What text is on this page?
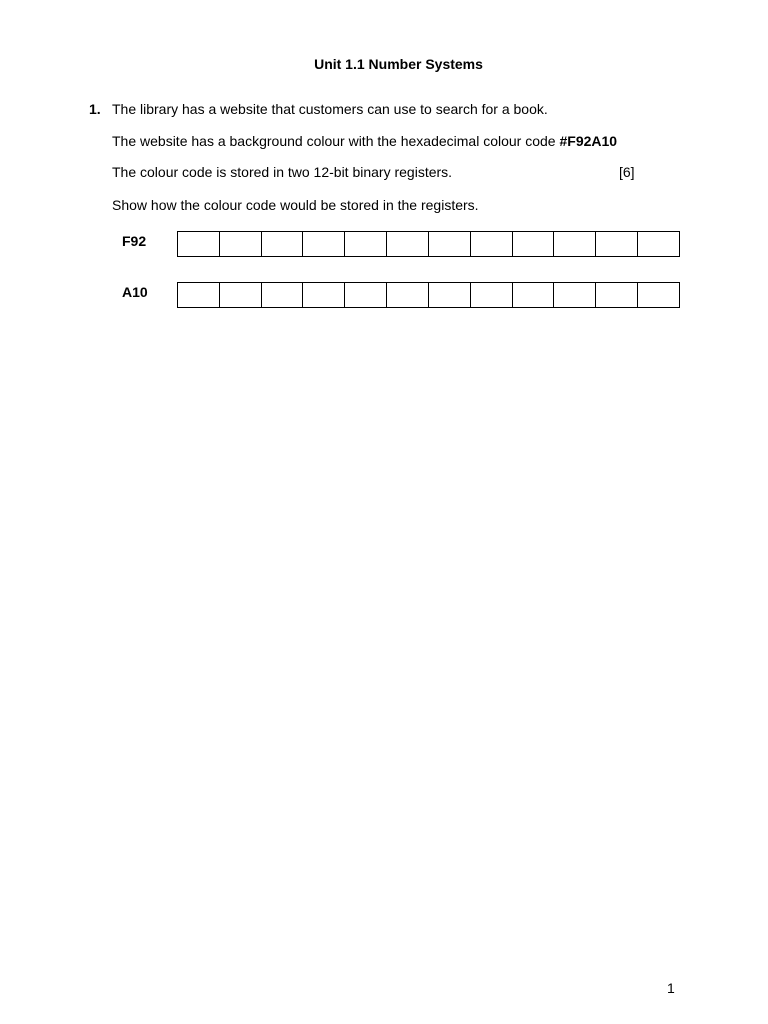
Unit 1.1 Number Systems
1. The library has a website that customers can use to search for a book.
The website has a background colour with the hexadecimal colour code #F92A10
The colour code is stored in two 12-bit binary registers.	[6]
Show how the colour code would be stored in the registers.
F92
A10
1
